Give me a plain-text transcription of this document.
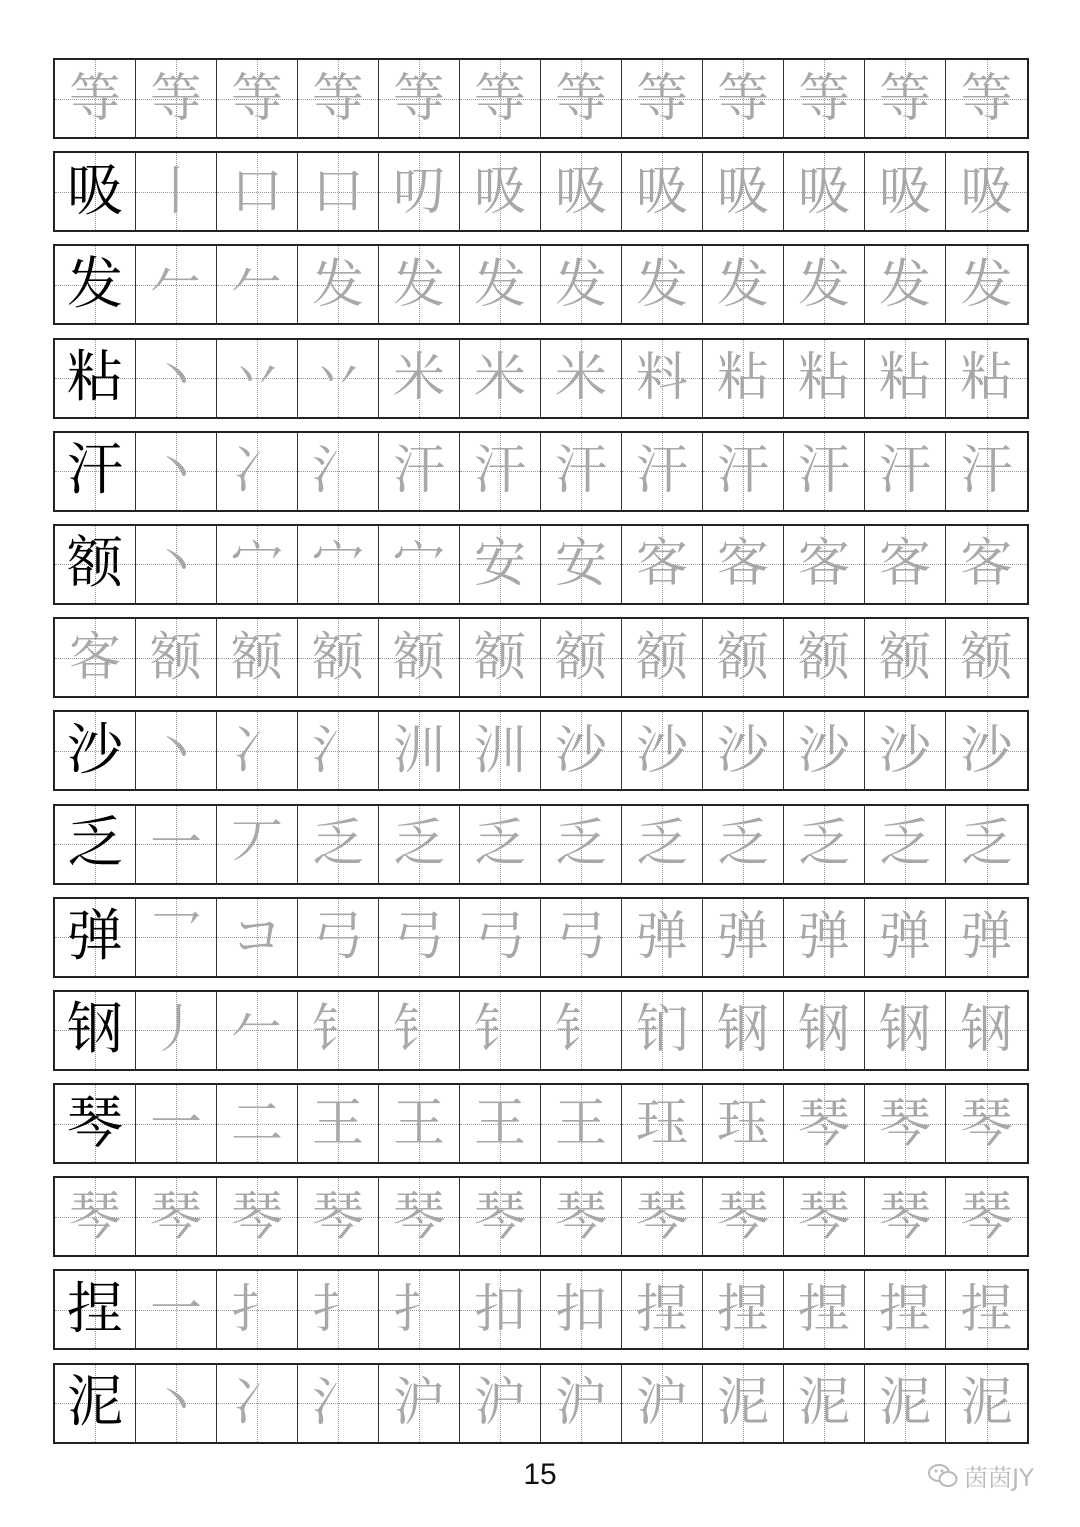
等 等 等 等 等 等 等 等 等 等 等 等
吸 丨 口 口 叨 吸 吸 吸 吸 吸 吸 吸
发 𠂉 𠂉 发 发 发 发 发 发 发 发 发
粘 丶 丷 丷 米 米 米 料 粘 粘 粘 粘
汗 丶 冫 氵 汗 汗 汗 汗 汗 汗 汗 汗
额 丶 宀 宀 宀 安 安 客 客 客 客 客
客 额 额 额 额 额 额 额 额 额 额 额
沙 丶 冫 氵 汌 汌 沙 沙 沙 沙 沙 沙
乏 一 丆 乏 乏 乏 乏 乏 乏 乏 乏 乏
弹 乛 コ 弓 弓 弓 弓 弹 弹 弹 弹 弹
钢 丿 𠂉 钅 钅 钅 钅 钔 钢 钢 钢 钢
琴 一 二 王 王 王 王 珏 珏 琴 琴 琴
琴 琴 琴 琴 琴 琴 琴 琴 琴 琴 琴 琴
捏 一 扌 扌 扌 扣 扣 捏 捏 捏 捏 捏
泥 丶 冫 氵 沪 沪 沪 沪 泥 泥 泥 泥
15	茵茵JY
